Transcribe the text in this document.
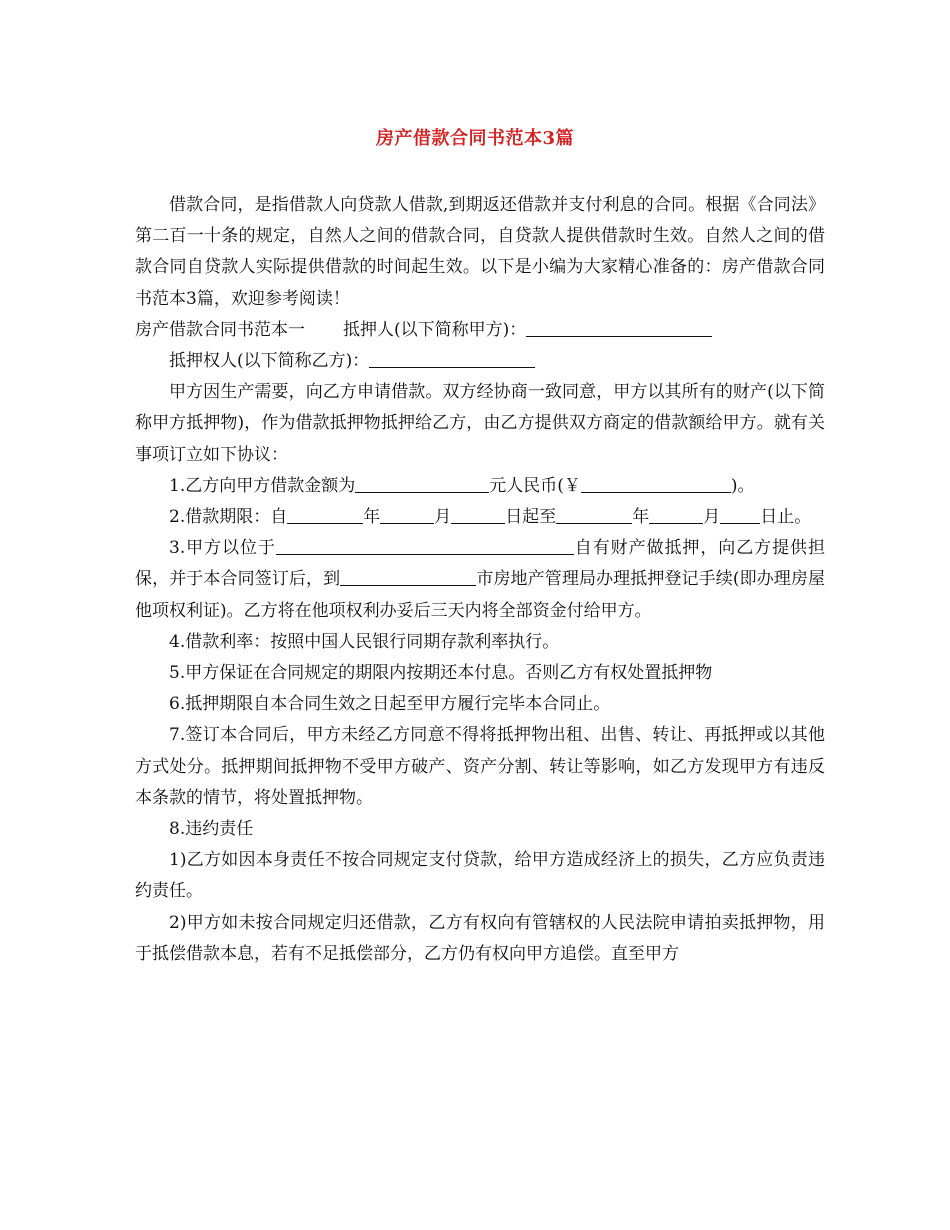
房产借款合同书范本3篇

借款合同，是指借款人向贷款人借款,到期返还借款并支付利息的合同。根据《合同法》第二百一十条的规定，自然人之间的借款合同，自贷款人提供借款时生效。自然人之间的借款合同自贷款人实际提供借款的时间起生效。以下是小编为大家精心准备的：房产借款合同书范本3篇，欢迎参考阅读！

房产借款合同书范本一 抵押人(以下简称甲方)：

抵押权人(以下简称乙方)：

甲方因生产需要，向乙方申请借款。双方经协商一致同意，甲方以其所有的财产(以下简称甲方抵押物)，作为借款抵押物抵押给乙方，由乙方提供双方商定的借款额给甲方。就有关事项订立如下协议：

1.乙方向甲方借款金额为	元人民币(￥	)。

2.借款期限：自	年	月	日起至	年	月 日止。

3.甲方以位于	自有财产做抵押，向乙方提供担保，并于本合同签订后，到	市房地产管理局办理抵押登记手续(即办理房屋他项权利证)。乙方将在他项权利办妥后三天内将全部资金付给甲方。

4.借款利率：按照中国人民银行同期存款利率执行。

5.甲方保证在合同规定的期限内按期还本付息。否则乙方有权处置抵押物

6.抵押期限自本合同生效之日起至甲方履行完毕本合同止。

7.签订本合同后，甲方未经乙方同意不得将抵押物出租、出售、转让、再抵押或以其他方式处分。抵押期间抵押物不受甲方破产、资产分割、转让等影响，如乙方发现甲方有违反本条款的情节，将处置抵押物。

8.违约责任

1)乙方如因本身责任不按合同规定支付贷款，给甲方造成经济上的损失，乙方应负责违约责任。

2)甲方如未按合同规定归还借款，乙方有权向有管辖权的人民法院申请拍卖抵押物，用于抵偿借款本息，若有不足抵偿部分，乙方仍有权向甲方追偿。直至甲方
